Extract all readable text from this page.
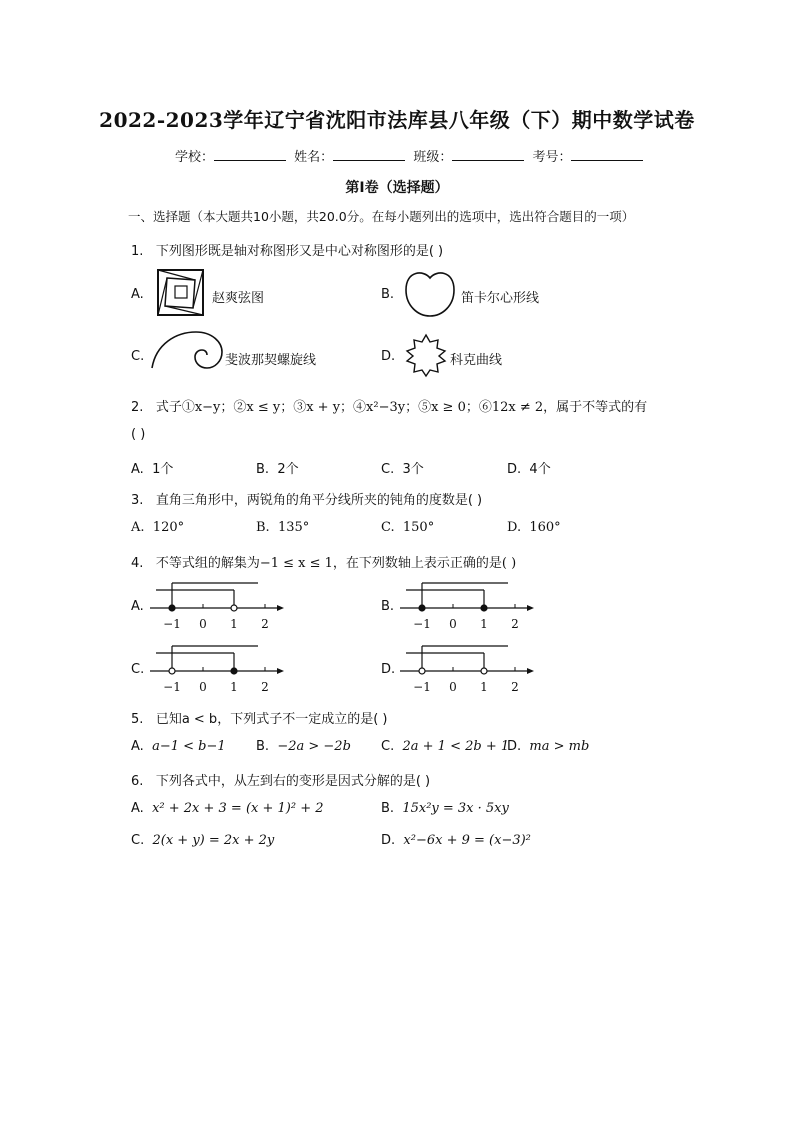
2022-2023学年辽宁省沈阳市法库县八年级（下）期中数学试卷
学校：	姓名：	班级：	考号：
第Ⅰ卷（选择题）
一、选择题（本大题共10小题，共20.0分。在每小题列出的选项中，选出符合题目的一项）
1. 下列图形既是轴对称图形又是中心对称图形的是( )
A.	赵爽弦图	B.	笛卡尔心形线
C.	斐波那契螺旋线	D.	科克曲线
2. 式子①x−y；②x ≤ y；③x + y；④x²−3y；⑤x ≥ 0；⑥12x ≠ 2，属于不等式的有
( )
A. 1个	B. 2个	C. 3个	D. 4个
3. 直角三角形中，两锐角的角平分线所夹的钝角的度数是( )
A. 120°	B. 135°	C. 150°	D. 160°
4. 不等式组的解集为−1 ≤ x ≤ 1，在下列数轴上表示正确的是( )
A.
−1 0 1 2
B.
−1 0 1 2
C.
−1 0 1 2
D.
−1 0 1 2
5. 已知a < b，下列式子不一定成立的是( )
A. a−1 < b−1 B. −2a > −2b C. 2a + 1 < 2b + 1
D. ma > mb
6. 下列各式中，从左到右的变形是因式分解的是( )
A. x² + 2x + 3 = (x + 1)² + 2	B. 15x²y = 3x · 5xy
C. 2(x + y) = 2x + 2y	D. x²−6x + 9 = (x−3)²
